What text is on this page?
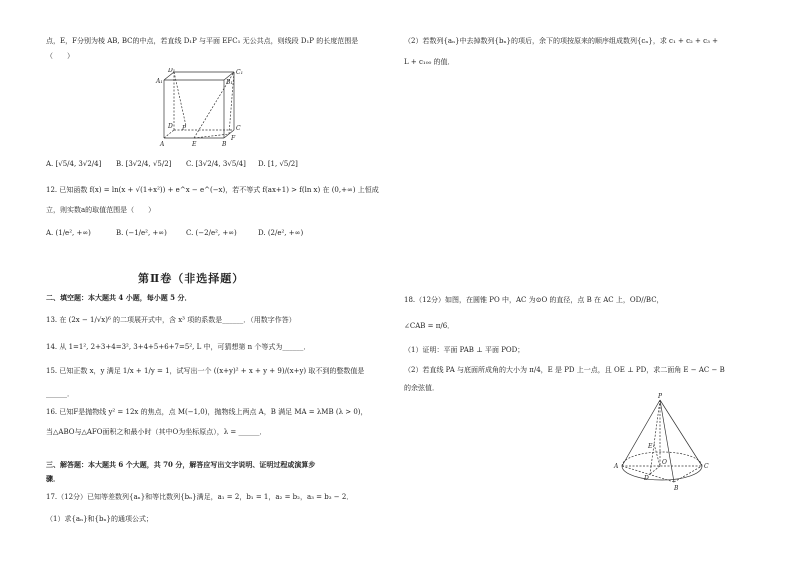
点，E，F分别为棱 AB, BC的中点，若直线 D₁P 与平面 EFC₁ 无公共点，则线段 D₁P 的长度范围是
（　　）
D₁	C₁
A₁	B₁
D	C
A	E	B
P
F
A. [√5/4, 3√2/4] B. [3√2/4, √5/2] C. [3√2/4, 3√5/4] D. [1, √5/2]
12. 已知函数 f(x) = ln(x + √(1+x²)) + e^x − e^(−x)，若不等式 f(ax+1) > f(ln x) 在 (0,+∞) 上恒成
立，则实数a的取值范围是（　　）
A. (1/e², +∞)	B. (−1/e², +∞)	C. (−2/e², +∞)	D. (2/e², +∞)
第Ⅱ卷（非选择题）
二、填空题：本大题共 4 小题，每小题 5 分．
13. 在 (2x − 1/√x)⁶ 的二项展开式中，含 x³ 项的系数是______．（用数字作答）
14. 从 1=1², 2+3+4=3², 3+4+5+6+7=5², L 中，可猜想第 n 个等式为______．
15. 已知正数 x，y 满足 1/x + 1/y = 1，试写出一个 ((x+y)² + x + y + 9)/(x+y) 取不到的整数值是
______．
16. 已知F是抛物线 y² = 12x 的焦点，点 M(−1,0)，抛物线上两点 A，B 满足 MA = λMB (λ > 0)，
当△ABO与△AFO面积之和最小时（其中O为坐标原点），λ = ______．
三、解答题：本大题共 6 个大题，共 70 分，解答应写出文字说明、证明过程或演算步
骤．
17.（12分）已知等差数列{aₙ}和等比数列{bₙ}满足，a₁ = 2，b₁ = 1，a₂ = b₂，a₃ = b₃ − 2．
（1）求{aₙ}和{bₙ}的通项公式；
（2）若数列{aₙ}中去掉数列{bₙ}的项后，余下的项按原来的顺序组成数列{cₙ}，求 c₁ + c₂ + c₃ +
L + c₁₀₀ 的值．
18.（12分）如图，在圆锥 PO 中，AC 为⊙O 的直径，点 B 在 AC 上，OD//BC，
∠CAB = π/6．
（1）证明：平面 PAB ⊥ 平面 POD；
（2）若直线 PA 与底面所成角的大小为 π/4，E 是 PD 上一点，且 OE ⊥ PD，求二面角 E − AC − B
的余弦值．
P
E
A
O
D
C
B
